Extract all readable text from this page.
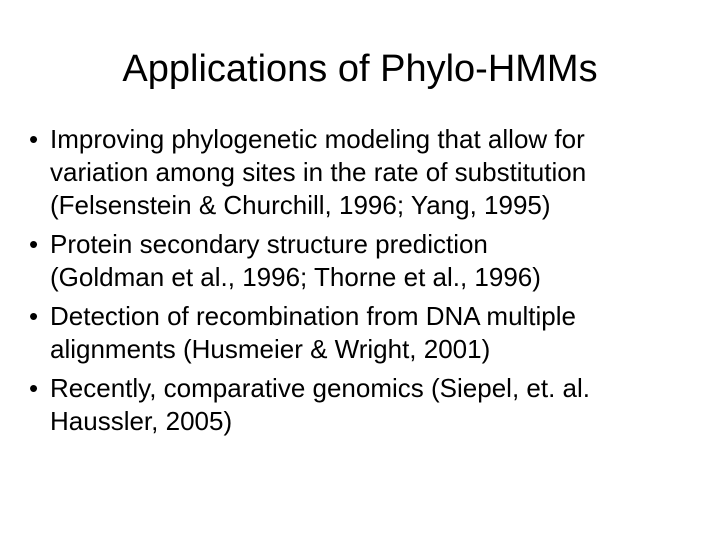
Applications of Phylo-HMMs
• Improving phylogenetic modeling that allow for
variation among sites in the rate of substitution
(Felsenstein & Churchill, 1996; Yang, 1995)
• Protein secondary structure prediction
(Goldman et al., 1996; Thorne et al., 1996)
• Detection of recombination from DNA multiple
alignments (Husmeier & Wright, 2001)
• Recently, comparative genomics (Siepel, et. al.
Haussler, 2005)
